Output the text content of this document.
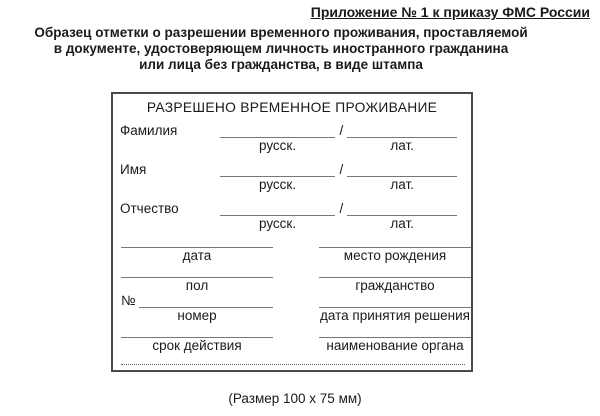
Приложение № 1 к приказу ФМС России
Образец отметки о разрешении временного проживания, проставляемой
в документе, удостоверяющем личность иностранного гражданина
или лица без гражданства, в виде штампа
РАЗРЕШЕНО ВРЕМЕННОЕ ПРОЖИВАНИЕ
Фамилия	/
русск.	лат.
Имя	/
русск.	лат.
Отчество	/
русск.	лат.
дата	место рождения
пол	гражданство
№
номер	дата принятия решения
срок действия	наименование органа
(Размер 100 x 75 мм)
